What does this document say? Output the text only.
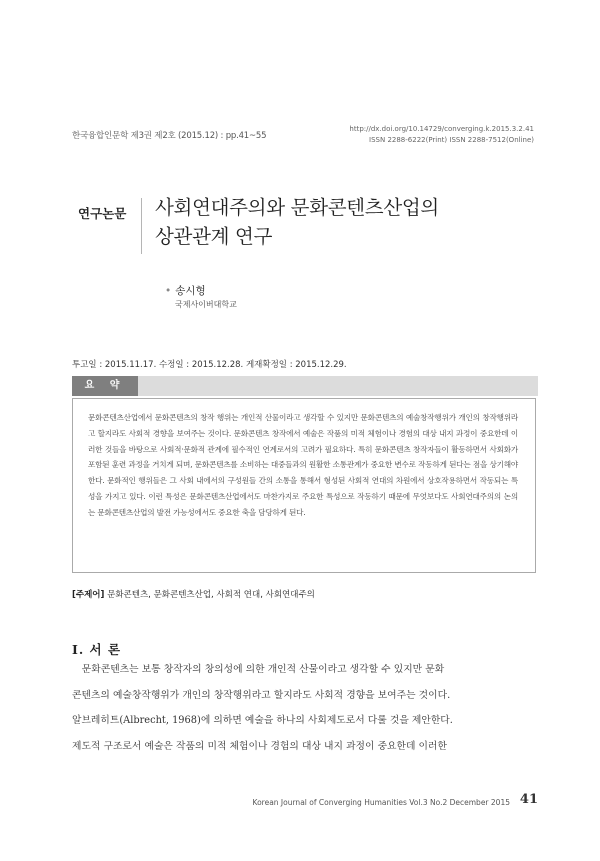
한국융합인문학 제3권 제2호 (2015.12) : pp.41~55
http://dx.doi.org/10.14729/converging.k.2015.3.2.41
ISSN 2288-6222(Print) ISSN 2288-7512(Online)
연구논문 사회연대주의와 문화콘텐츠산업의
상관관계 연구
• 송시형
국제사이버대학교
투고일 : 2015.11.17. 수정일 : 2015.12.28. 게재확정일 : 2015.12.29.
요 약

문화콘텐츠산업에서 문화콘텐츠의 창작 행위는 개인적 산물이라고 생각할 수 있지만 문화콘텐츠의 예술창작행위가 개인의 창작행위라고 할지라도 사회적 경향을 보여주는 것이다. 문화콘텐츠 창작에서 예술은 작품의 미적 체험이나 경험의 대상 내지 과정이 중요한데 이러한 것들을 바탕으로 사회적·문화적 관계에 필수적인 연계로서의 고려가 필요하다. 특히 문화콘텐츠 창작자들이 활동하면서 사회화가 포함된 훈련 과정을 거치게 되며, 문화콘텐츠를 소비하는 대중들과의 원활한 소통관계가 중요한 변수로 작동하게 된다는 점을 상기해야 한다. 문화적인 행위들은 그 사회 내에서의 구성원들 간의 소통을 통해서 형성된 사회적 연대의 차원에서 상호작용하면서 작동되는 특성을 가지고 있다. 이런 특성은 문화콘텐츠산업에서도 마찬가지로 주요한 특성으로 작동하기 때문에 무엇보다도 사회연대주의의 논의는 문화콘텐츠산업의 발전 가능성에서도 중요한 축을 담당하게 된다.

[주제어] 문화콘텐츠, 문화콘텐츠산업, 사회적 연대, 사회연대주의
Ⅰ. 서 론
　문화콘텐츠는 보통 창작자의 창의성에 의한 개인적 산물이라고 생각할 수 있지만 문화
콘텐츠의 예술창작행위가 개인의 창작행위라고 할지라도 사회적 경향을 보여주는 것이다.
알브레히트(Albrecht, 1968)에 의하면 예술을 하나의 사회제도로서 다룰 것을 제안한다.
제도적 구조로서 예술은 작품의 미적 체험이나 경험의 대상 내지 과정이 중요한데 이러한
Korean Journal of Converging Humanities Vol.3 No.2 December 2015 41
